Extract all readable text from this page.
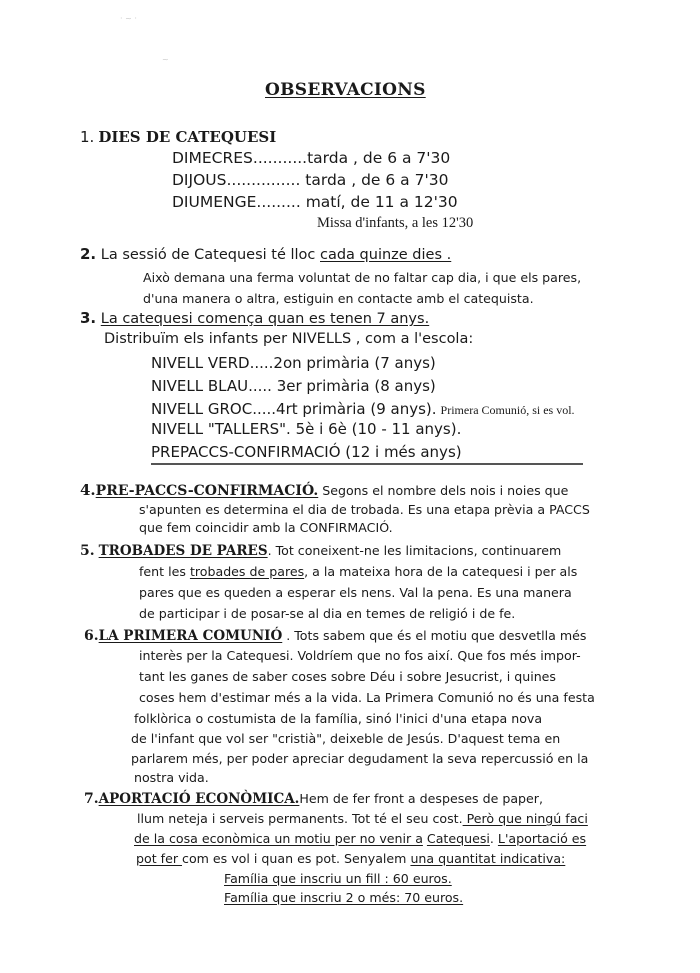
· ~ ·
~
OBSERVACIONS
1. DIES DE CATEQUESI
DIMECRES...........tarda , de 6 a 7'30
DIJOUS............... tarda , de 6 a 7'30
DIUMENGE......... matí, de 11 a 12'30
Missa d'infants, a les 12'30
2. La sessió de Catequesi té lloc cada quinze dies .
Això demana una ferma voluntat de no faltar cap dia, i que els pares,
d'una manera o altra, estiguin en contacte amb el catequista.
3. La catequesi comença quan es tenen 7 anys.
Distribuïm els infants per NIVELLS , com a l'escola:
NIVELL VERD.....2on primària (7 anys)
NIVELL BLAU..... 3er primària (8 anys)
NIVELL GROC.....4rt primària (9 anys). Primera Comunió, si es vol.
NIVELL "TALLERS". 5è i 6è (10 - 11 anys).
PREPACCS-CONFIRMACIÓ (12 i més anys)
4.PRE-PACCS-CONFIRMACIÓ. Segons el nombre dels nois i noies que
s'apunten es determina el dia de trobada. Es una etapa prèvia a PACCS
que fem coincidir amb la CONFIRMACIÓ.
5. TROBADES DE PARES. Tot coneixent-ne les limitacions, continuarem
fent les trobades de pares, a la mateixa hora de la catequesi i per als
pares que es queden a esperar els nens. Val la pena. Es una manera
de participar i de posar-se al dia en temes de religió i de fe.
6.LA PRIMERA COMUNIÓ . Tots sabem que és el motiu que desvetlla més
interès per la Catequesi. Voldríem que no fos així. Que fos més impor-
tant les ganes de saber coses sobre Déu i sobre Jesucrist, i quines
coses hem d'estimar més a la vida. La Primera Comunió no és una festa
folklòrica o costumista de la família, sinó l'inici d'una etapa nova
de l'infant que vol ser "cristià", deixeble de Jesús. D'aquest tema en
parlarem més, per poder apreciar degudament la seva repercussió en la
nostra vida.
7.APORTACIÓ ECONÒMICA.Hem de fer front a despeses de paper,
llum neteja i serveis permanents. Tot té el seu cost. Però que ningú faci
de la cosa econòmica un motiu per no venir a Catequesi. L'aportació es
pot fer com es vol i quan es pot. Senyalem una quantitat indicativa:
Família que inscriu un fill : 60 euros.
Família que inscriu 2 o més: 70 euros.
